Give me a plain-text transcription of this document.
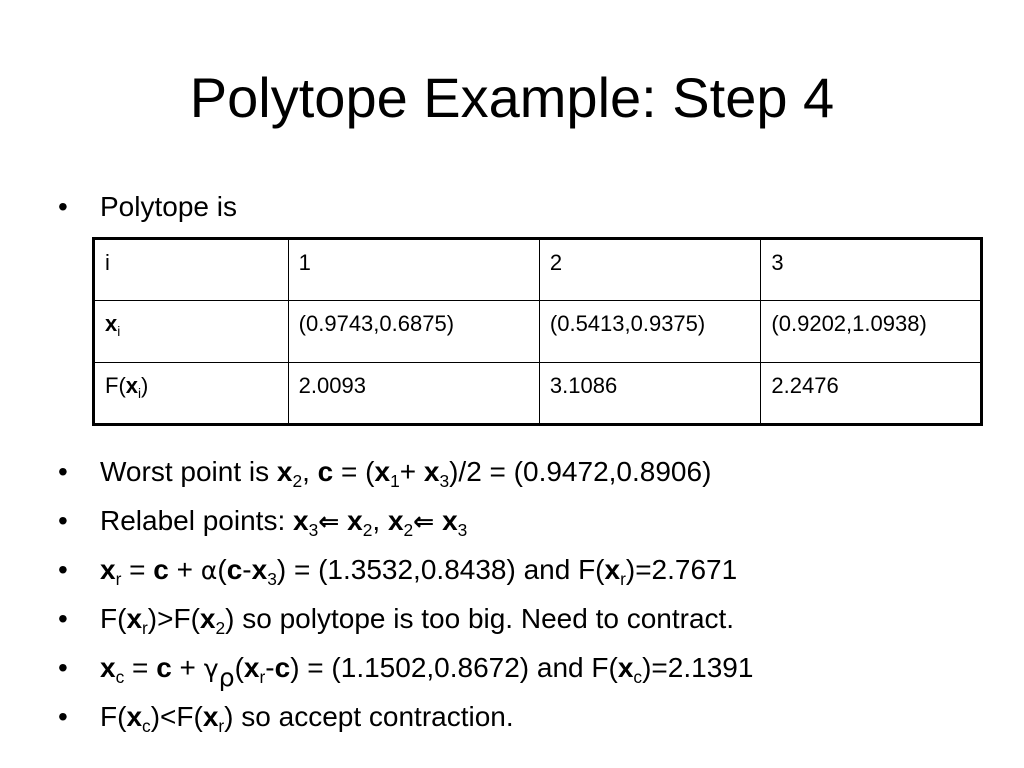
Polytope Example: Step 4
• Polytope is
i	1	2	3
$x_i$	(0.9743,0.6875)	(0.5413,0.9375)	(0.9202,1.0938)
$F(x_i)$	2.0093	3.1086	2.2476
• Worst point is $x_2$, $c = (x_1+ x_3)/2 = (0.9472,0.8906)$
• Relabel points: $x_3⇐$ $x_2$, $x_2⇐$ $x_3$
• $x_r = c + \alpha(c-x_3) = (1.3532,0.8438)$ and $F(x_r)=2.7671$
• $F(x_r)>F(x_2)$ so polytope is too big. Need to contract.
• $x_c = c + \gamma_\rho(x_r-c) = (1.1502,0.8672)$ and $F(x_c)=2.1391$
• $F(x_c)<F(x_r)$ so accept contraction.
